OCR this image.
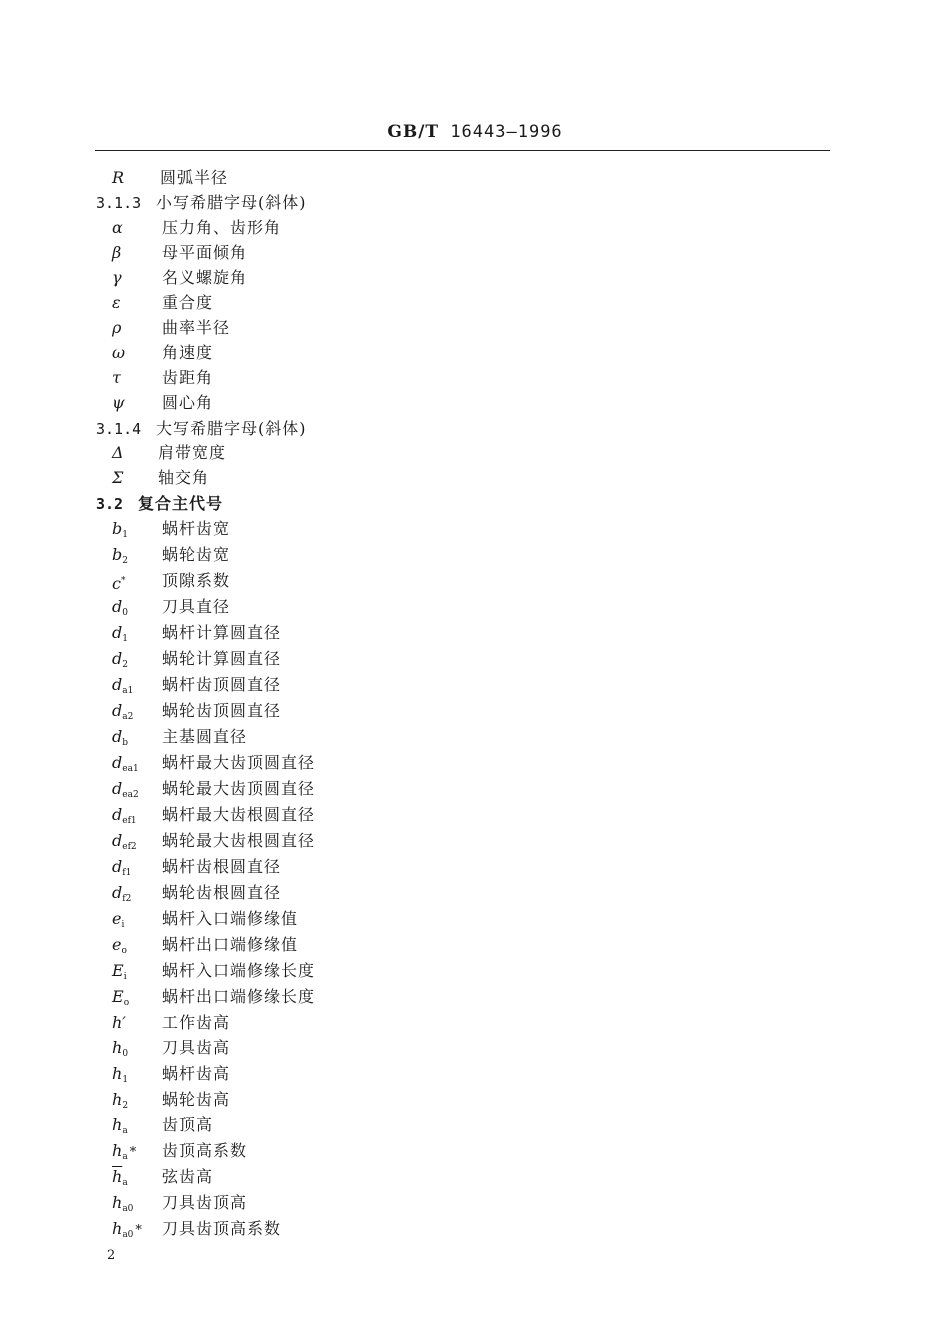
GB/T 16443—1996
R 圆弧半径
3.1.3 小写希腊字母(斜体)
α 压力角、齿形角
β	母平面倾角
γ	名义螺旋角
ε	重合度
ρ	曲率半径
ω 角速度
τ	齿距角
ψ 圆心角
3.1.4 大写希腊字母(斜体)
Δ 肩带宽度
Σ 轴交角
3.2 复合主代号
$b_1$ 蜗杆齿宽
$b_2$ 蜗轮齿宽
c* 顶隙系数
$d_0$ 刀具直径
$d_1$ 蜗杆计算圆直径
$d_2$ 蜗轮计算圆直径
$d_{a1}$ 蜗杆齿顶圆直径
$d_{a2}$ 蜗轮齿顶圆直径
$d_b$ 主基圆直径
$d_{ea1}$ 蜗杆最大齿顶圆直径
$d_{ea2}$ 蜗轮最大齿顶圆直径
$d_{ef1}$ 蜗杆最大齿根圆直径
$d_{ef2}$ 蜗轮最大齿根圆直径
$d_{f1}$ 蜗杆齿根圆直径
$d_{f2}$ 蜗轮齿根圆直径
$e_i$ 蜗杆入口端修缘值
$e_o$ 蜗杆出口端修缘值
$E_i$ 蜗杆入口端修缘长度
$E_o$ 蜗杆出口端修缘长度
h′ 工作齿高
$h_0$ 刀具齿高
$h_1$ 蜗杆齿高
$h_2$ 蜗轮齿高
$h_a$ 齿顶高
$h_a$ * 齿顶高系数
$\overline{h}_a$ 弦齿高
$h_{a0}$ 刀具齿顶高
$h_{a0}$ * 刀具齿顶高系数
2
